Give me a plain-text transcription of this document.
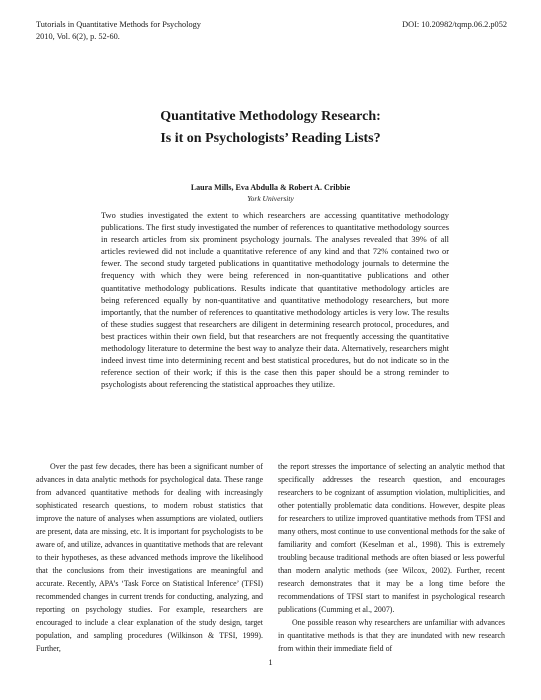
Tutorials in Quantitative Methods for Psychology
2010, Vol. 6(2), p. 52-60.
DOI: 10.20982/tqmp.06.2.p052
Quantitative Methodology Research:
Is it on Psychologists’ Reading Lists?
Laura Mills, Eva Abdulla & Robert A. Cribbie
York University
Two studies investigated the extent to which researchers are accessing quantitative methodology publications. The first study investigated the number of references to quantitative methodology sources in research articles from six prominent psychology journals. The analyses revealed that 39% of all articles reviewed did not include a quantitative reference of any kind and that 72% contained two or fewer. The second study targeted publications in quantitative methodology journals to determine the frequency with which they were being referenced in non-quantitative publications and other quantitative methodology publications. Results indicate that quantitative methodology articles are being referenced equally by non-quantitative and quantitative methodology researchers, but more importantly, that the number of references to quantitative methodology articles is very low. The results of these studies suggest that researchers are diligent in determining research protocol, procedures, and best practices within their own field, but that researchers are not frequently accessing the quantitative methodology literature to determine the best way to analyze their data. Alternatively, researchers might indeed invest time into determining recent and best statistical procedures, but do not indicate so in the reference section of their work; if this is the case then this paper should be a strong reminder to psychologists about referencing the statistical approaches they utilize.

Over the past few decades, there has been a significant number of advances in data analytic methods for psychological data. These range from advanced quantitative methods for dealing with increasingly sophisticated research questions, to modern robust statistics that improve the nature of analyses when assumptions are violated, outliers are present, data are missing, etc. It is important for psychologists to be aware of, and utilize, advances in quantitative methods that are relevant to their hypotheses, as these advanced methods improve the likelihood that the conclusions from their investigations are meaningful and accurate. Recently, APA’s ‘Task Force on Statistical Inference’ (TFSI) recommended changes in current trends for conducting, analyzing, and reporting on psychology studies. For example, researchers are encouraged to include a clear explanation of the study design, target population, and sampling procedures (Wilkinson & TFSI, 1999). Further,

the report stresses the importance of selecting an analytic method that specifically addresses the research question, and encourages researchers to be cognizant of assumption violation, multiplicities, and other potentially problematic data conditions. However, despite pleas for researchers to utilize improved quantitative methods from TFSI and many others, most continue to use conventional methods for the sake of familiarity and comfort (Keselman et al., 1998). This is extremely troubling because traditional methods are often biased or less powerful than modern analytic methods (see Wilcox, 2002). Further, recent research demonstrates that it may be a long time before the recommendations of TFSI start to manifest in psychological research publications (Cumming et al., 2007).

One possible reason why researchers are unfamiliar with advances in quantitative methods is that they are inundated with new research from within their immediate field of

1
